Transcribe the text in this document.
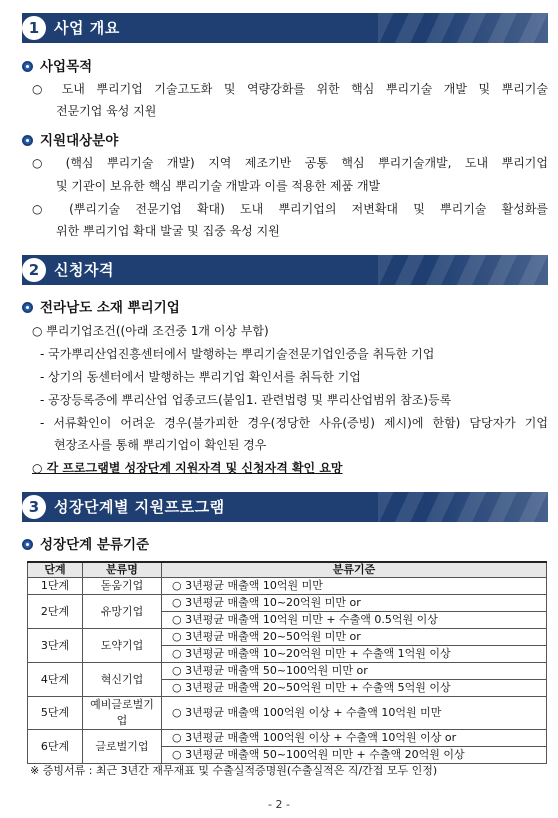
1 사업 개요
사업목적
○ 도내 뿌리기업 기술고도화 및 역량강화를 위한 핵심 뿌리기술 개발 및 뿌리기술
전문기업 육성 지원
지원대상분야
○ (핵심 뿌리기술 개발) 지역 제조기반 공통 핵심 뿌리기술개발, 도내 뿌리기업
및 기관이 보유한 핵심 뿌리기술 개발과 이를 적용한 제품 개발
○ (뿌리기술 전문기업 확대) 도내 뿌리기업의 저변확대 및 뿌리기술 활성화를
위한 뿌리기업 확대 발굴 및 집중 육성 지원
2 신청자격
전라남도 소재 뿌리기업
○ 뿌리기업조건((아래 조건중 1개 이상 부합)
- 국가뿌리산업진흥센터에서 발행하는 뿌리기술전문기업인증을 취득한 기업
- 상기의 동센터에서 발행하는 뿌리기업 확인서를 취득한 기업
- 공장등록증에 뿌리산업 업종코드(붙임1. 관련법령 및 뿌리산업범위 참조)등록
- 서류확인이 어려운 경우(불가피한 경우(정당한 사유(증빙) 제시)에 한함) 담당자가 기업
현장조사를 통해 뿌리기업이 확인된 경우
○ 각 프로그램별 성장단계 지원자격 및 신청자격 확인 요망
3 성장단계별 지원프로그램
성장단계 분류기준
단계	분류명	분류기준
1단계	돋움기업	○ 3년평균 매출액 10억원 미만
2단계	유망기업	○ 3년평균 매출액 10~20억원 미만 or
		○ 3년평균 매출액 10억원 미만 + 수출액 0.5억원 이상
3단계	도약기업	○ 3년평균 매출액 20~50억원 미만 or
		○ 3년평균 매출액 10~20억원 미만 + 수출액 1억원 이상
4단계	혁신기업	○ 3년평균 매출액 50~100억원 미만 or
		○ 3년평균 매출액 20~50억원 미만 + 수출액 5억원 이상
5단계	예비글로벌기업	○ 3년평균 매출액 100억원 이상 + 수출액 10억원 미만
6단계	글로벌기업	○ 3년평균 매출액 100억원 이상 + 수출액 10억원 이상 or
		○ 3년평균 매출액 50~100억원 미만 + 수출액 20억원 이상
※ 증빙서류 : 최근 3년간 재무재표 및 수출실적증명원(수출실적은 직/간접 모두 인정)
- 2 -
